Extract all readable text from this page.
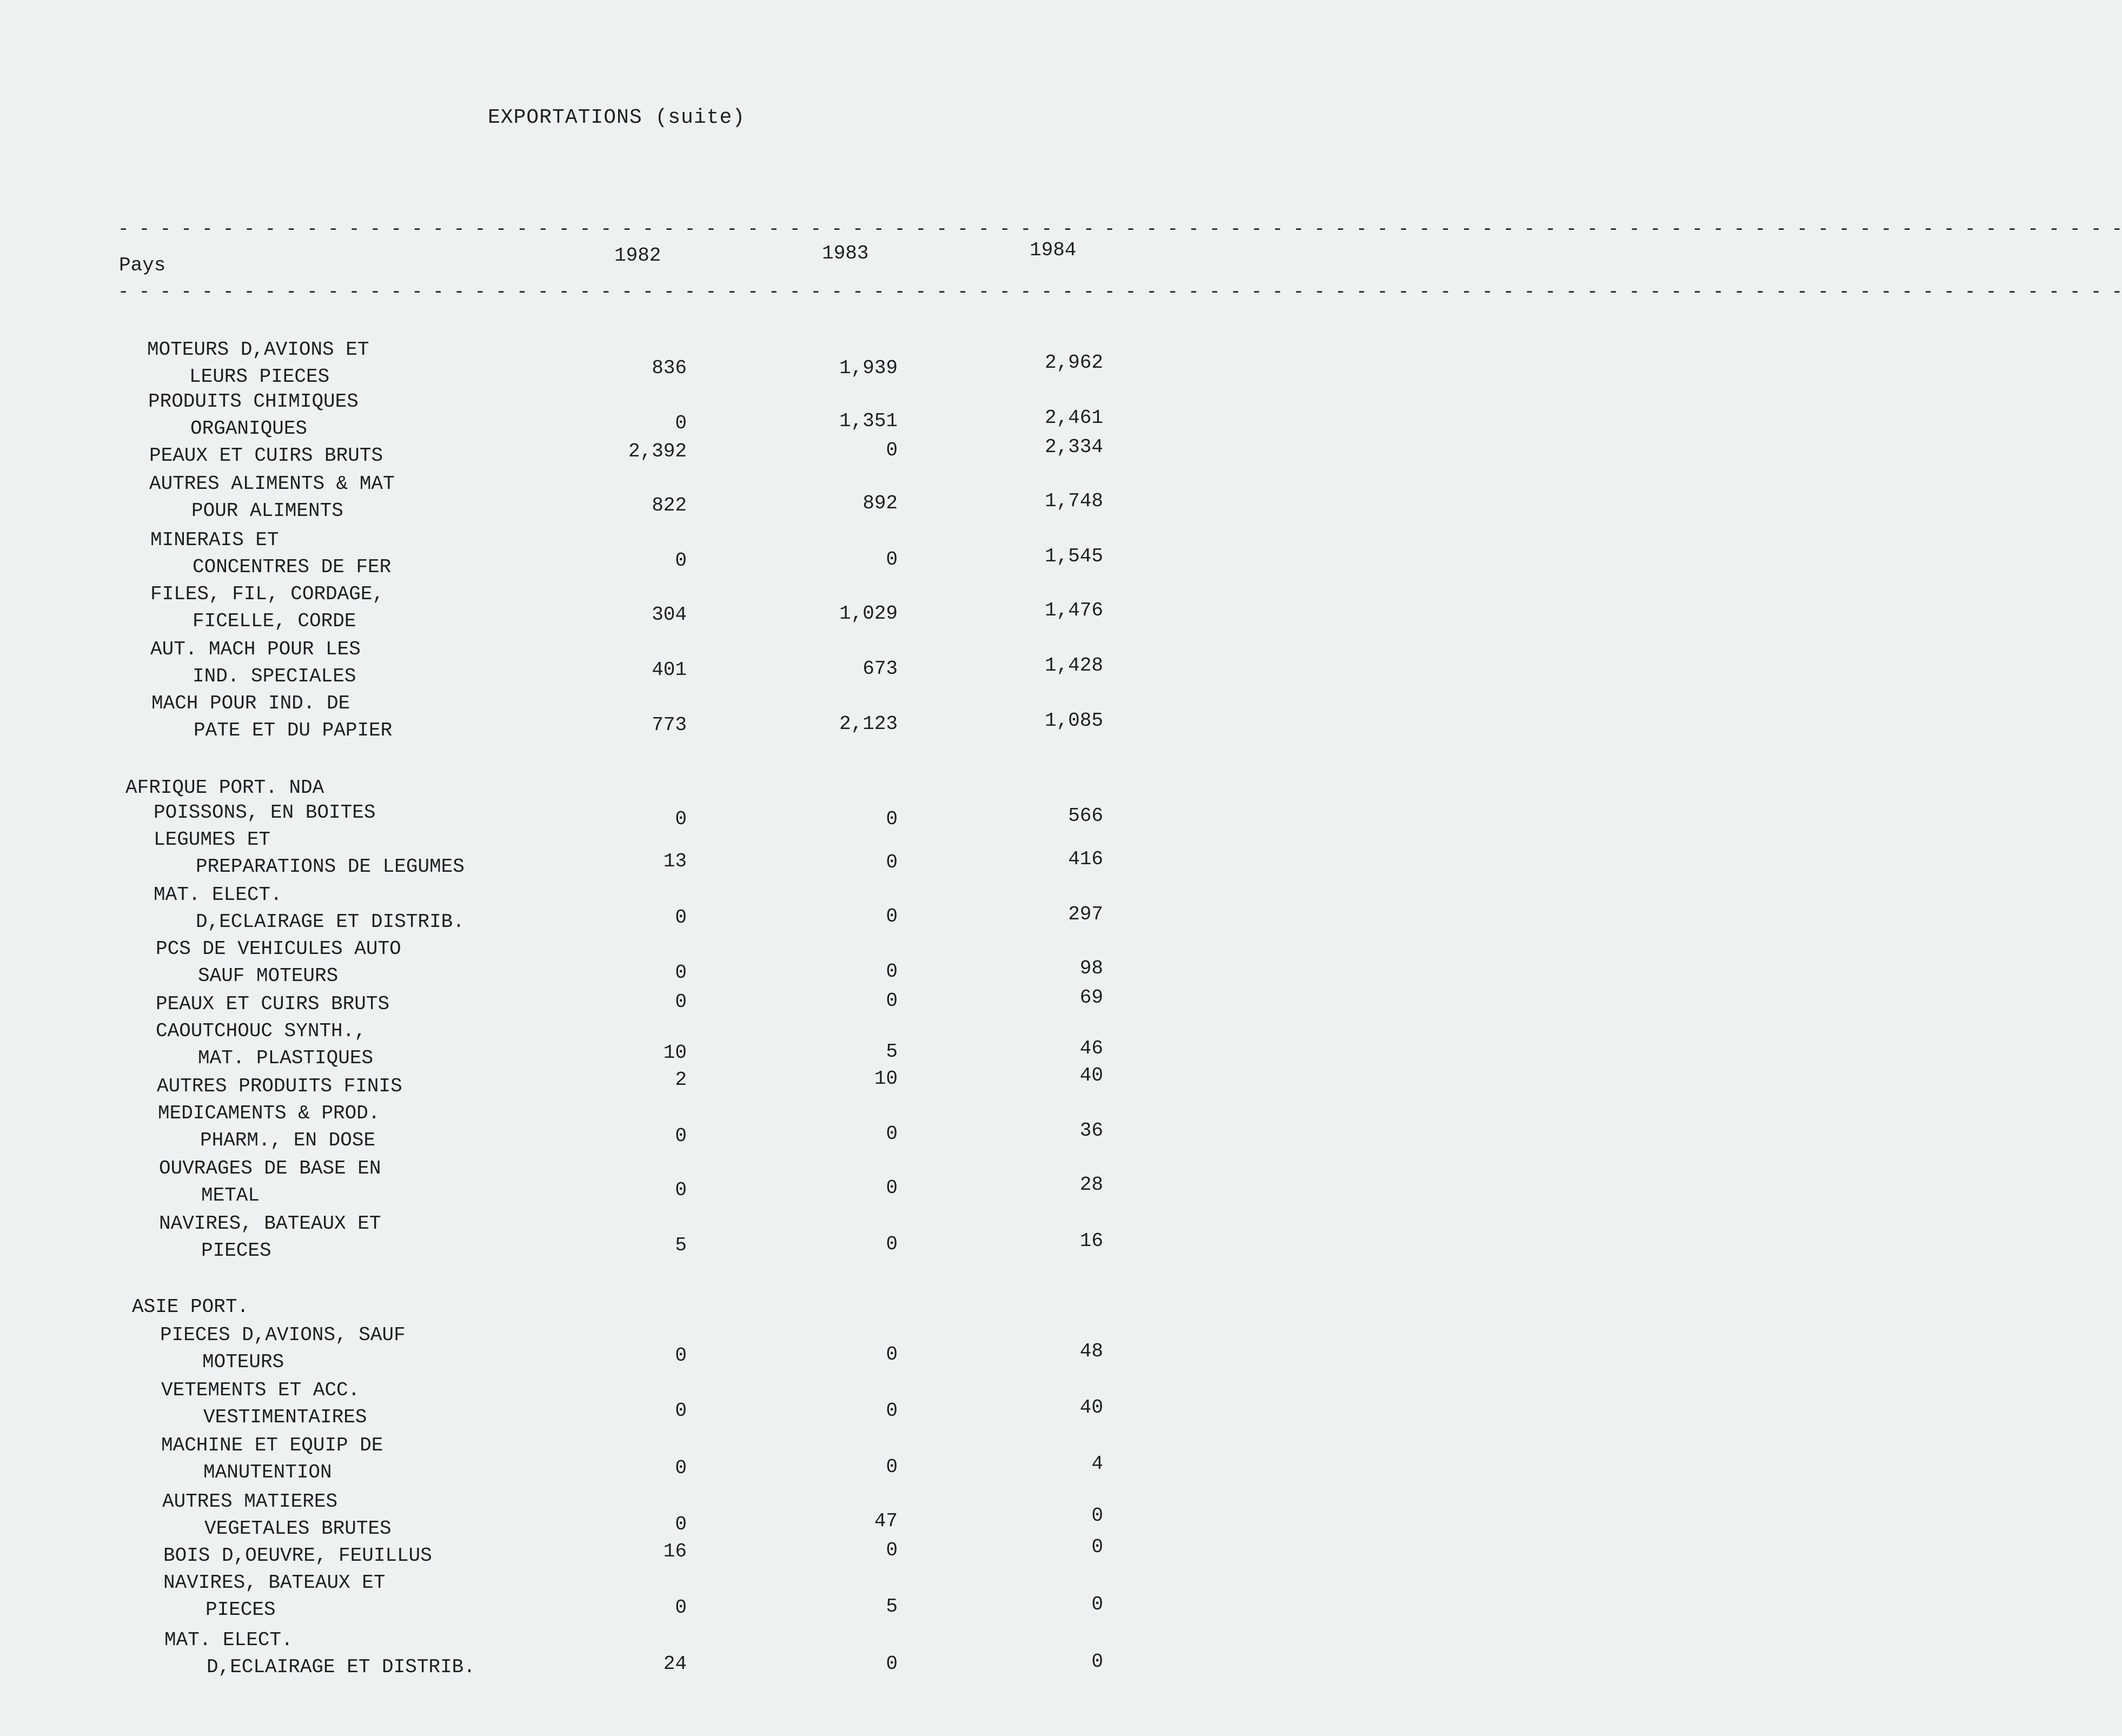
EXPORTATIONS (suite)
- - - - - - - - - - - - - - - - - - - - - - - - - - - - - - - - - - - - - - - - - - - - - - - - - - - - - - - - - - - - - - - - - - - - - - - - - - - - - - - - - - - - - - - - - - - - - - - -
Pays	1982	1983	1984
- - - - - - - - - - - - - - - - - - - - - - - - - - - - - - - - - - - - - - - - - - - - - - - - - - - - - - - - - - - - - - - - - - - - - - - - - - - - - - - - - - - - - - - - - - - - - - - -
MOTEURS D,AVIONS ET
LEURS PIECES	836	1,939	2,962
PRODUITS CHIMIQUES
ORGANIQUES	0	1,351	2,461
PEAUX ET CUIRS BRUTS	2,392	0	2,334
AUTRES ALIMENTS & MAT
POUR ALIMENTS	822	892	1,748
MINERAIS ET
CONCENTRES DE FER	0	0	1,545
FILES, FIL, CORDAGE,
FICELLE, CORDE	304	1,029	1,476
AUT. MACH POUR LES
IND. SPECIALES	401	673	1,428
MACH POUR IND. DE
PATE ET DU PAPIER	773	2,123	1,085
AFRIQUE PORT. NDA
POISSONS, EN BOITES	0	0	566
LEGUMES ET
PREPARATIONS DE LEGUMES	13	0	416
MAT. ELECT.
D,ECLAIRAGE ET DISTRIB.	0	0	297
PCS DE VEHICULES AUTO
SAUF MOTEURS	0	0	98
PEAUX ET CUIRS BRUTS	0	0	69
CAOUTCHOUC SYNTH.,
MAT. PLASTIQUES	10	5	46
AUTRES PRODUITS FINIS	2	10	40
MEDICAMENTS & PROD.
PHARM., EN DOSE	0	0	36
OUVRAGES DE BASE EN
METAL	0	0	28
NAVIRES, BATEAUX ET
PIECES	5	0	16
ASIE PORT.
PIECES D,AVIONS, SAUF
MOTEURS	0	0	48
VETEMENTS ET ACC.
VESTIMENTAIRES	0	0	40
MACHINE ET EQUIP DE
MANUTENTION	0	0	4
AUTRES MATIERES
VEGETALES BRUTES	0	47	0
BOIS D,OEUVRE, FEUILLUS	16	0	0
NAVIRES, BATEAUX ET
PIECES	0	5	0
MAT. ELECT.
D,ECLAIRAGE ET DISTRIB.	24	0	0
